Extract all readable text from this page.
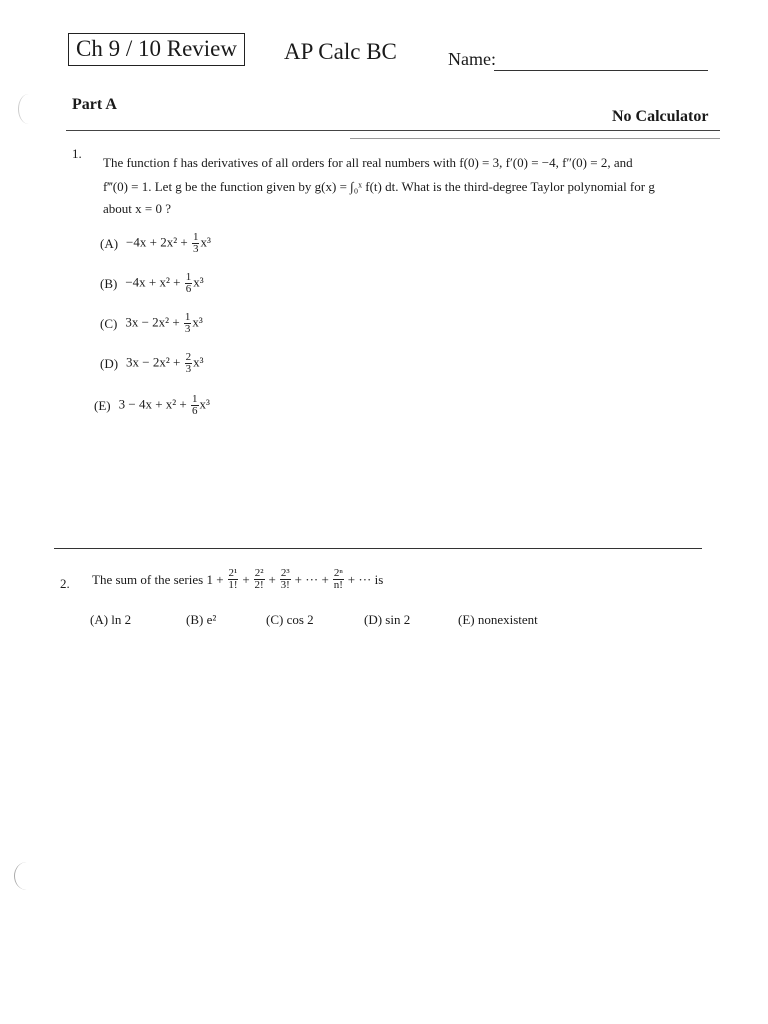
Ch 9 / 10 Review	AP Calc BC	Name:
Part A
No Calculator
1.
The function f has derivatives of all orders for all real numbers with f(0) = 3, f′(0) = −4, f″(0) = 2, and
f‴(0) = 1. Let g be the function given by g(x) = ∫₀ˣ f(t) dt. What is the third-degree Taylor polynomial for g
about x = 0 ?
$(A) -4x + 2x^2 + \frac{1}{3} x^3$
$(B) -4x + x^2 + \frac{1}{6} x^3$
(C) $3x - 2x^2 + \frac{1}{3} x^3$
(D) $3x - 2x^2 + \frac{2}{3} x^3$
(E) $3 - 4x + x^2 + \frac{1}{6} x^3$
2. The sum of the series $1 + \frac{\text{2¹}}{1!} + \frac{\text{2²}}{2!} + \frac{\text{2³}}{3!}$ + ··· + $\frac{\text{2ⁿ}}{n!}$ + ··· is
(A) ln 2	(B) e²	(C) cos 2	(D) sin 2	(E) nonexistent
